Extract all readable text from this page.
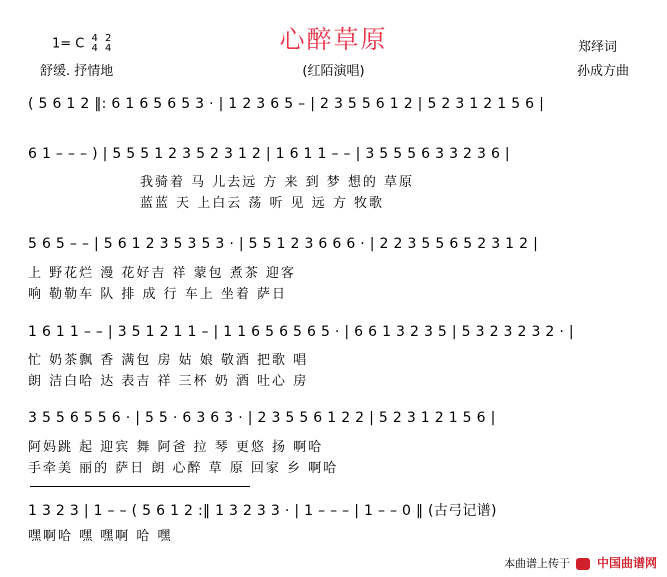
心醉草原
(红陌演唱)
1= C 4
4

2
4
舒缓. 抒情地
郑绎词
孙成方曲
( 5 6 1 2 ‖: 6 1 6 5 6 5 3 · | 1 2 3 6 5 – | 2 3 5 5 6 1 2 | 5 2 3 1 2 1 5 6 |
6 1 – – – ) | 5 5 5 1 2 3 5 2 3 1 2 | 1 6 1 1 – – | 3 5 5 5 6 3 3 2 3 6 |
我骑着 马 儿去远 方 来 到 梦 想的 草原
蓝蓝 天 上白云 荡 听 见 远 方 牧歌
5 6 5 – – | 5 6 1 2 3 5 3 5 3 · | 5 5 1 2 3 6 6 6 · | 2 2 3 5 5 6 5 2 3 1 2 |
上 野花烂 漫 花好吉 祥 蒙包 煮茶 迎客
响 勒勒车 队 排 成 行 车上 坐着 萨日
1 6 1 1 – – | 3 5 1 2 1 1 – | 1 1 6 5 6 5 6 5 · | 6 6 1 3 2 3 5 | 5 3 2 3 2 3 2 · |
忙 奶茶飘 香 满包 房 姑 娘 敬酒 把歌 唱
朗 洁白哈 达 表吉 祥 三杯 奶 酒 吐心 房
3 5 5 6 5 5 6 · | 5 5 · 6 3 6 3 · | 2 3 5 5 6 1 2 2 | 5 2 3 1 2 1 5 6 |
阿妈跳 起 迎宾 舞 阿爸 拉 琴 更悠 扬 啊哈
手牵美 丽的 萨日 朗 心醉 草 原 回家 乡 啊哈
1 3 2 3 | 1 – – ( 5 6 1 2 :‖ 1 3 2 3 3 · | 1 – – – | 1 – – 0 ‖ (古弓记谱)
嘿啊哈 嘿 嘿啊 哈 嘿
本曲谱上传于 中国曲谱网
